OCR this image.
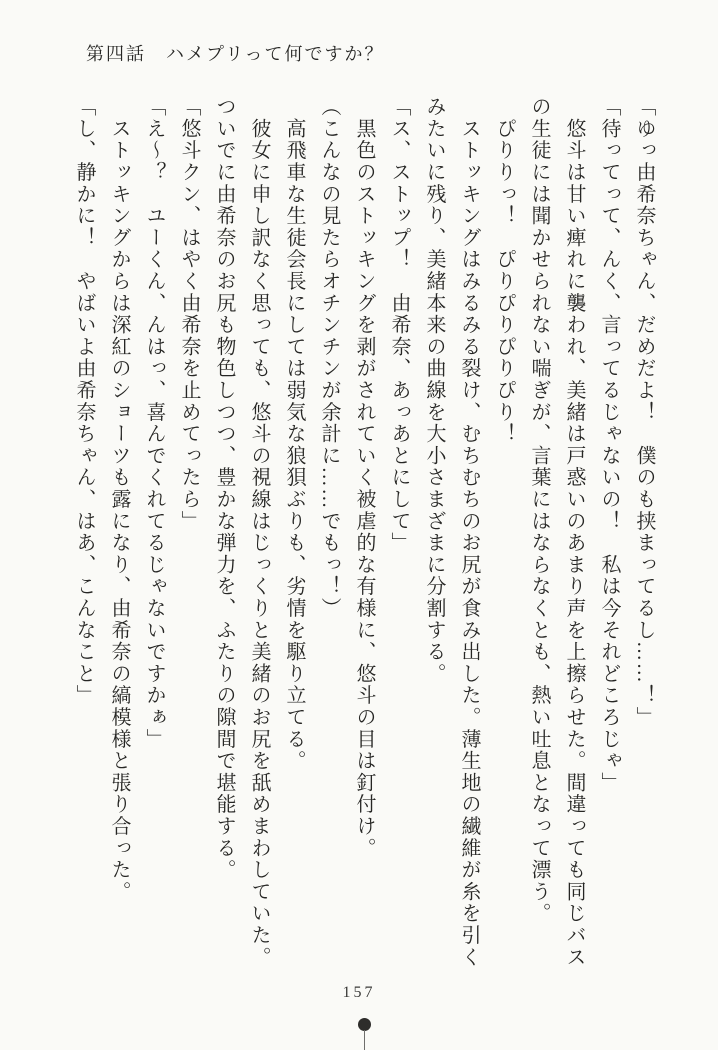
第四話　ハメプリって何ですか？
「ゆっ由希奈ちゃん、だめだよ！　僕のも挟まってるし……！」
「待ってって、んく、言ってるじゃないの！　私は今それどころじゃ」
　悠斗は甘い痺れに襲われ、美緒は戸惑いのあまり声を上擦らせた。間違っても同じバス
の生徒には聞かせられない喘ぎが、言葉にはならなくとも、熱い吐息となって漂う。
　ぴりりっ！　ぴりぴりぴりぴり！
　ストッキングはみるみる裂け、むちむちのお尻が食み出した。薄生地の繊維が糸を引く
みたいに残り、美緒本来の曲線を大小さまざまに分割する。
「ス、ストップ！　由希奈、あっあとにして」
　黒色のストッキングを剥がされていく被虐的な有様に、悠斗の目は釘付け。
（こんなの見たらオチンチンが余計に……でもっ！）
　高飛車な生徒会長にしては弱気な狼狽ぶりも、劣情を駆り立てる。
　彼女に申し訳なく思っても、悠斗の視線はじっくりと美緒のお尻を舐めまわしていた。
ついでに由希奈のお尻も物色しつつ、豊かな弾力を、ふたりの隙間で堪能する。
「悠斗クン、はやく由希奈を止めてったら」
「え～？　ユーくん、んはっ、喜んでくれてるじゃないですかぁ」
　ストッキングからは深紅のショーツも露になり、由希奈の縞模様と張り合った。
「し、静かに！　やばいよ由希奈ちゃん、はあ、こんなこと」
157
